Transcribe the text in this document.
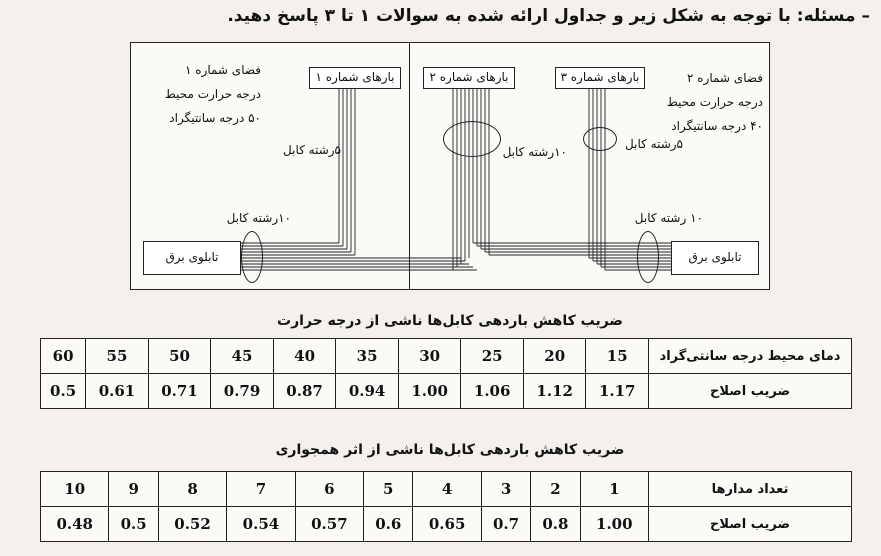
– مسئله: با توجه به شکل زیر و جداول ارائه شده به سوالات ۱ تا ۳ پاسخ دهید.
فضای شماره ۱
درجه حرارت محیط
۵۰ درجه سانتیگراد
بارهای شماره ۱
۵رشته کابل
۱۰رشته کابل
تابلوی برق
بارهای شماره ۲	بارهای شماره ۳	فضای شماره ۲
درجه حرارت محیط
۴۰ درجه سانتیگراد
۱۰رشته کابل
۵رشته کابل
۱۰ رشته کابل
تابلوی برق
ضریب کاهش باردهی کابل‌ها ناشی از درجه حرارت
دمای محیط درجه سانتی‌گراد	15	20	25	30	35	40	45	50	55	60
ضریب اصلاح	1.17	1.12	1.06	1.00	0.94	0.87	0.79	0.71	0.61	0.5
ضریب کاهش باردهی کابل‌ها ناشی از اثر همجواری
تعداد مدارها	1	2	3	4	5	6	7	8	9	10
ضریب اصلاح	1.00	0.8	0.7	0.65	0.6	0.57	0.54	0.52	0.5	0.48
